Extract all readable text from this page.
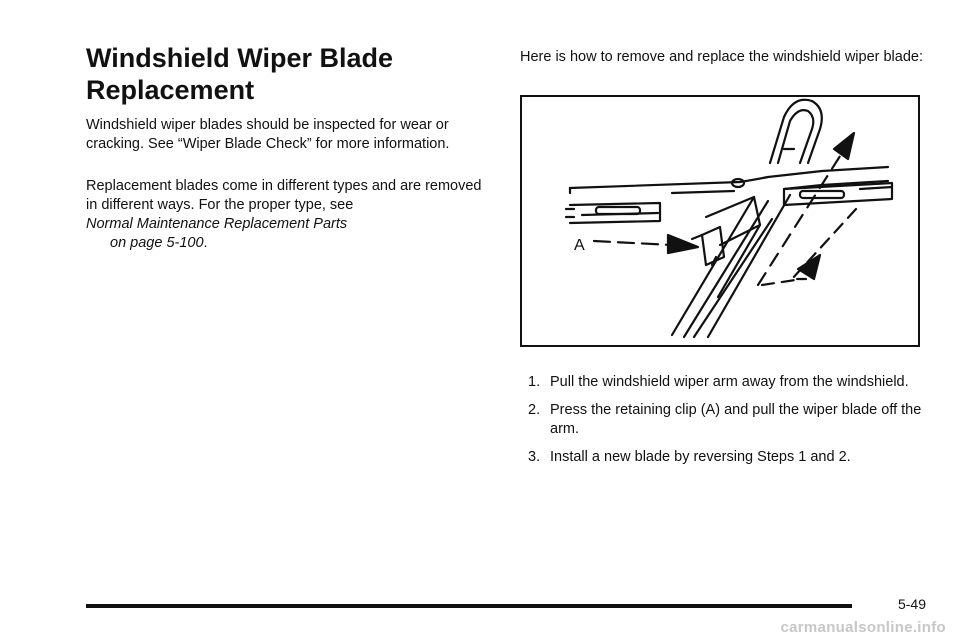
Windshield Wiper Blade
Replacement

Windshield wiper blades should be inspected for wear or cracking. See “Wiper Blade Check” for more information.

Replacement blades come in different types and are removed in different ways. For the proper type, see
Normal Maintenance Replacement Parts
on page 5-100.

Here is how to remove and replace the windshield wiper blade:

A
1. Pull the windshield wiper arm away from the windshield.
2. Press the retaining clip (A) and pull the wiper blade off the arm.
3. Install a new blade by reversing Steps 1 and 2.
5-49
carmanualsonline.info
